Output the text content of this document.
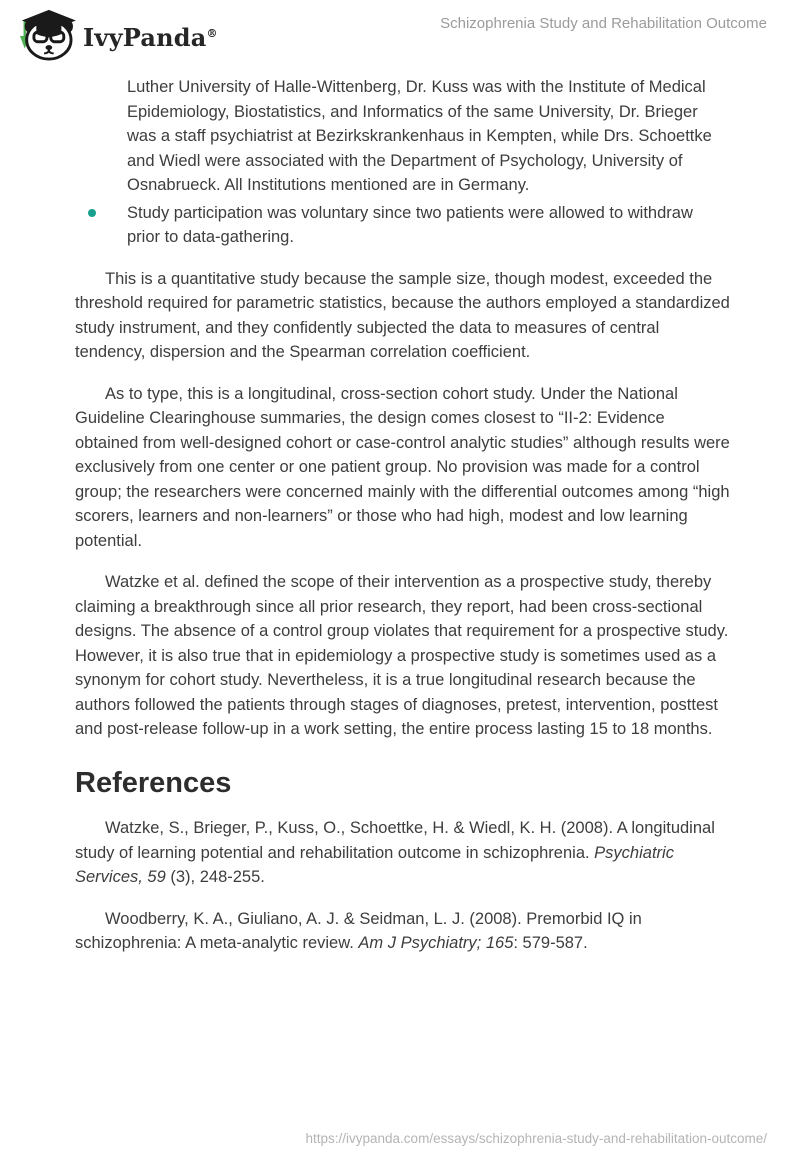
IvyPanda®
Schizophrenia Study and Rehabilitation Outcome
Luther University of Halle-Wittenberg, Dr. Kuss was with the Institute of Medical Epidemiology, Biostatistics, and Informatics of the same University, Dr. Brieger was a staff psychiatrist at Bezirkskrankenhaus in Kempten, while Drs. Schoettke and Wiedl were associated with the Department of Psychology, University of Osnabrueck. All Institutions mentioned are in Germany.
Study participation was voluntary since two patients were allowed to withdraw prior to data-gathering.

This is a quantitative study because the sample size, though modest, exceeded the threshold required for parametric statistics, because the authors employed a standardized study instrument, and they confidently subjected the data to measures of central tendency, dispersion and the Spearman correlation coefficient.

As to type, this is a longitudinal, cross-section cohort study. Under the National Guideline Clearinghouse summaries, the design comes closest to “II-2: Evidence obtained from well-designed cohort or case-control analytic studies” although results were exclusively from one center or one patient group. No provision was made for a control group; the researchers were concerned mainly with the differential outcomes among “high scorers, learners and non-learners” or those who had high, modest and low learning potential.

Watzke et al. defined the scope of their intervention as a prospective study, thereby claiming a breakthrough since all prior research, they report, had been cross-sectional designs. The absence of a control group violates that requirement for a prospective study. However, it is also true that in epidemiology a prospective study is sometimes used as a synonym for cohort study. Nevertheless, it is a true longitudinal research because the authors followed the patients through stages of diagnoses, pretest, intervention, posttest and post-release follow-up in a work setting, the entire process lasting 15 to 18 months.

References

Watzke, S., Brieger, P., Kuss, O., Schoettke, H. & Wiedl, K. H. (2008). A longitudinal study of learning potential and rehabilitation outcome in schizophrenia. Psychiatric Services, 59 (3), 248-255.

Woodberry, K. A., Giuliano, A. J. & Seidman, L. J. (2008). Premorbid IQ in schizophrenia: A meta-analytic review. Am J Psychiatry; 165: 579-587.

https://ivypanda.com/essays/schizophrenia-study-and-rehabilitation-outcome/
